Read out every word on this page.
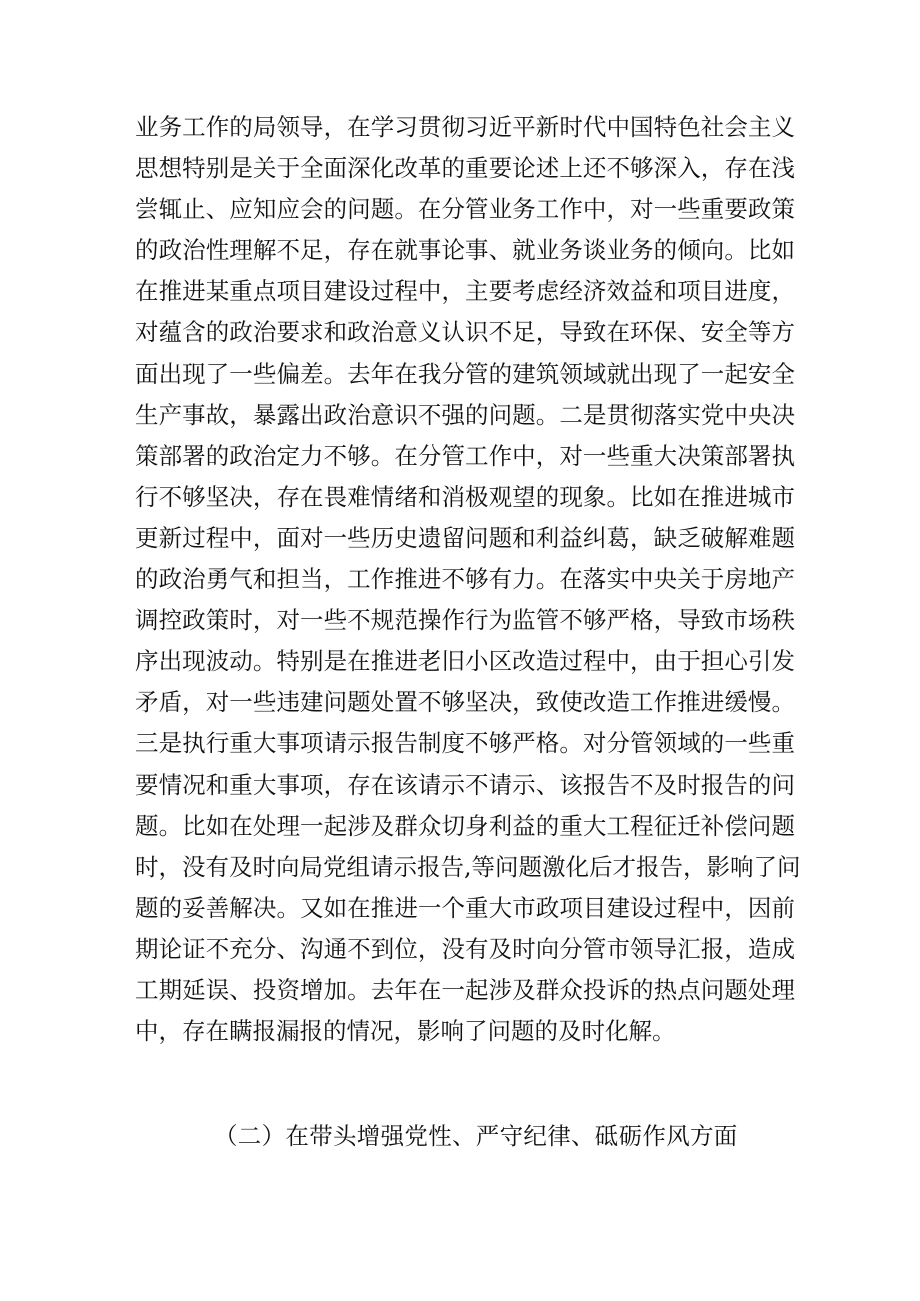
业务工作的局领导，在学习贯彻习近平新时代中国特色社会主义
思想特别是关于全面深化改革的重要论述上还不够深入，存在浅
尝辄止、应知应会的问题。在分管业务工作中，对一些重要政策
的政治性理解不足，存在就事论事、就业务谈业务的倾向。比如
在推进某重点项目建设过程中，主要考虑经济效益和项目进度，
对蕴含的政治要求和政治意义认识不足，导致在环保、安全等方
面出现了一些偏差。去年在我分管的建筑领域就出现了一起安全
生产事故，暴露出政治意识不强的问题。二是贯彻落实党中央决
策部署的政治定力不够。在分管工作中，对一些重大决策部署执
行不够坚决，存在畏难情绪和消极观望的现象。比如在推进城市
更新过程中，面对一些历史遗留问题和利益纠葛，缺乏破解难题
的政治勇气和担当，工作推进不够有力。在落实中央关于房地产
调控政策时，对一些不规范操作行为监管不够严格，导致市场秩
序出现波动。特别是在推进老旧小区改造过程中，由于担心引发
矛盾，对一些违建问题处置不够坚决，致使改造工作推进缓慢。
三是执行重大事项请示报告制度不够严格。对分管领域的一些重
要情况和重大事项，存在该请示不请示、该报告不及时报告的问
题。比如在处理一起涉及群众切身利益的重大工程征迁补偿问题
时，没有及时向局党组请示报告,等问题激化后才报告，影响了问
题的妥善解决。又如在推进一个重大市政项目建设过程中，因前
期论证不充分、沟通不到位，没有及时向分管市领导汇报，造成
工期延误、投资增加。去年在一起涉及群众投诉的热点问题处理
中，存在瞒报漏报的情况，影响了问题的及时化解。
（二）在带头增强党性、严守纪律、砥砺作风方面
